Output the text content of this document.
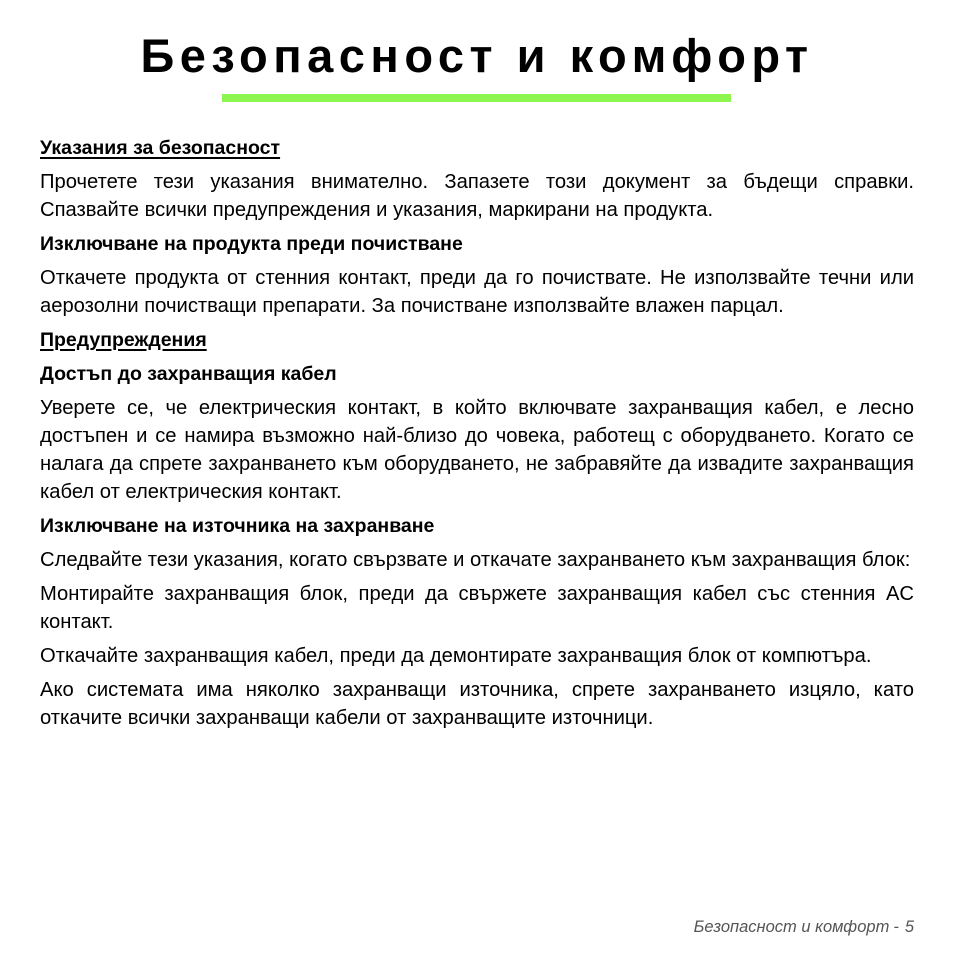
Безопасност и комфорт
Указания за безопасност

Прочетете тези указания внимателно. Запазете този документ за бъдещи справки. Спазвайте всички предупреждения и указания, маркирани на продукта.

Изключване на продукта преди почистване

Откачете продукта от стенния контакт, преди да го почиствате. Не използвайте течни или аерозолни почистващи препарати. За почистване използвайте влажен парцал.

Предупреждения
Достъп до захранващия кабел

Уверете се, че електрическия контакт, в който включвате захранващия кабел, е лесно достъпен и се намира възможно най-близо до човека, работещ с оборудването. Когато се налага да спрете захранването към оборудването, не забравяйте да извадите захранващия кабел от електрическия контакт.

Изключване на източника на захранване

Следвайте тези указания, когато свързвате и откачате захранването към захранващия блок:

Монтирайте захранващия блок, преди да свържете захранващия кабел със стенния AC контакт.

Откачайте захранващия кабел, преди да демонтирате захранващия блок от компютъра.

Ако системата има няколко захранващи източника, спрете захранването изцяло, като откачите всички захранващи кабели от захранващите източници.

Безопасност и комфорт - 5
